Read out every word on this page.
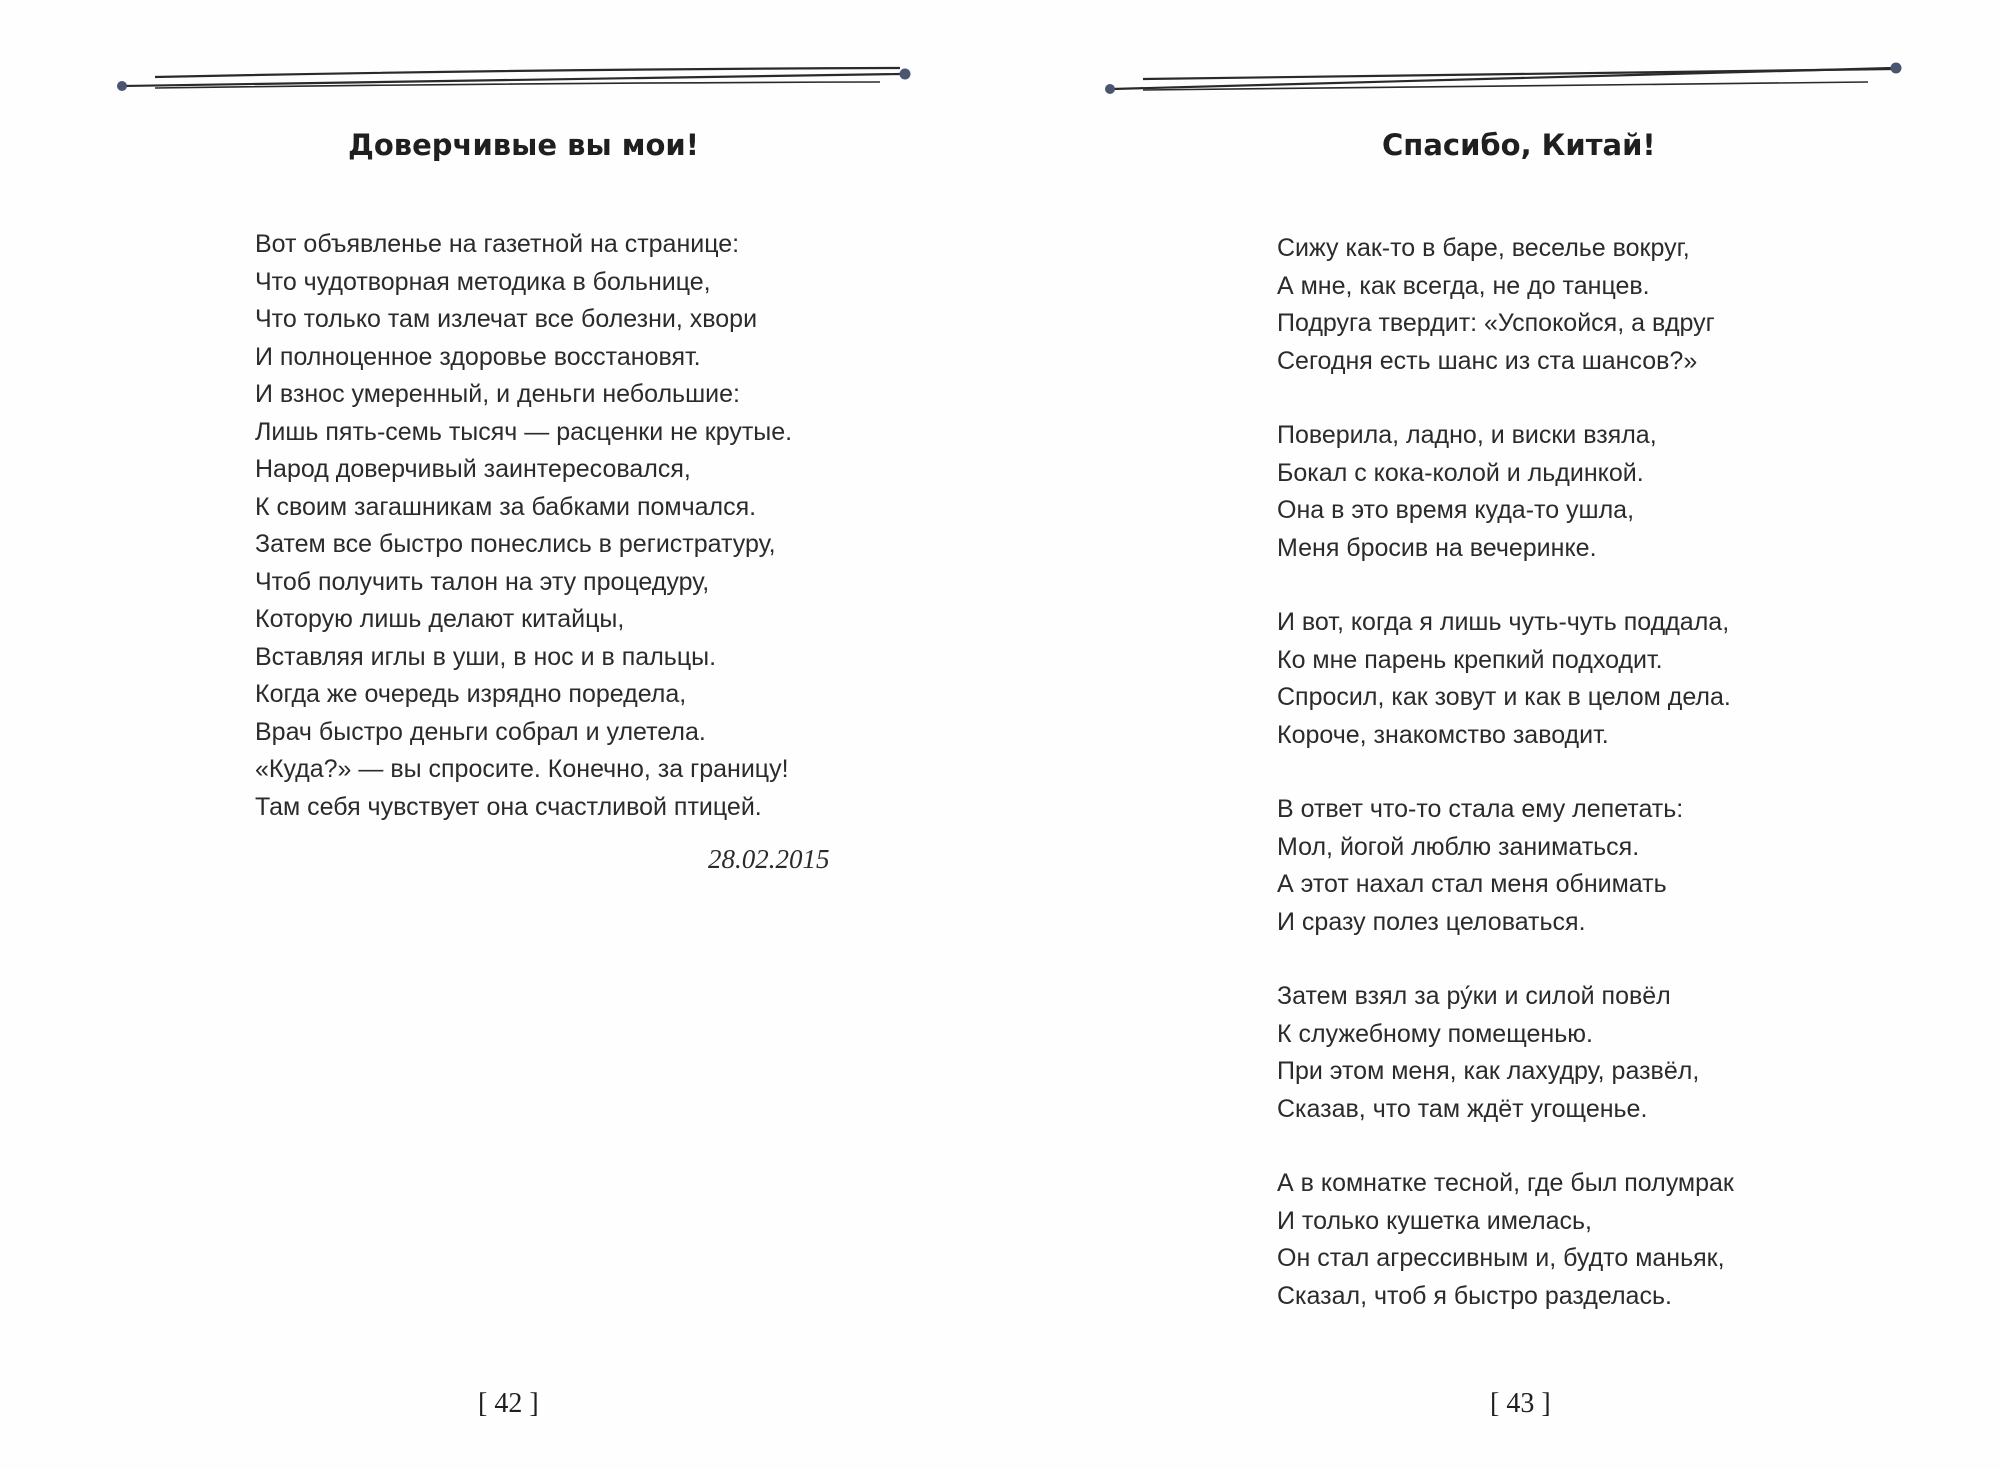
Доверчивые вы мои!
Вот объявленье на газетной на странице:
Что чудотворная методика в больнице,
Что только там излечат все болезни, хвори
И полноценное здоровье восстановят.
И взнос умеренный, и деньги небольшие:
Лишь пять-семь тысяч — расценки не крутые.
Народ доверчивый заинтересовался,
К своим загашникам за бабками помчался.
Затем все быстро понеслись в регистратуру,
Чтоб получить талон на эту процедуру,
Которую лишь делают китайцы,
Вставляя иглы в уши, в нос и в пальцы.
Когда же очередь изрядно поредела,
Врач быстро деньги собрал и улетела.
«Куда?» — вы спросите. Конечно, за границу!
Там себя чувствует она счастливой птицей.
28.02.2015
[ 42 ]
Спасибо, Китай!
Сижу как-то в баре, веселье вокруг,
А мне, как всегда, не до танцев.
Подруга твердит: «Успокойся, а вдруг
Сегодня есть шанс из ста шансов?»
Поверила, ладно, и виски взяла,
Бокал с кока-колой и льдинкой.
Она в это время куда-то ушла,
Меня бросив на вечеринке.
И вот, когда я лишь чуть-чуть поддала,
Ко мне парень крепкий подходит.
Спросил, как зовут и как в целом дела.
Короче, знакомство заводит.
В ответ что-то стала ему лепетать:
Мол, йогой люблю заниматься.
А этот нахал стал меня обнимать
И сразу полез целоваться.
Затем взял за ру́ки и силой повёл
К служебному помещенью.
При этом меня, как лахудру, развёл,
Сказав, что там ждёт угощенье.
А в комнатке тесной, где был полумрак
И только кушетка имелась,
Он стал агрессивным и, будто маньяк,
Сказал, чтоб я быстро разделась.
[ 43 ]
